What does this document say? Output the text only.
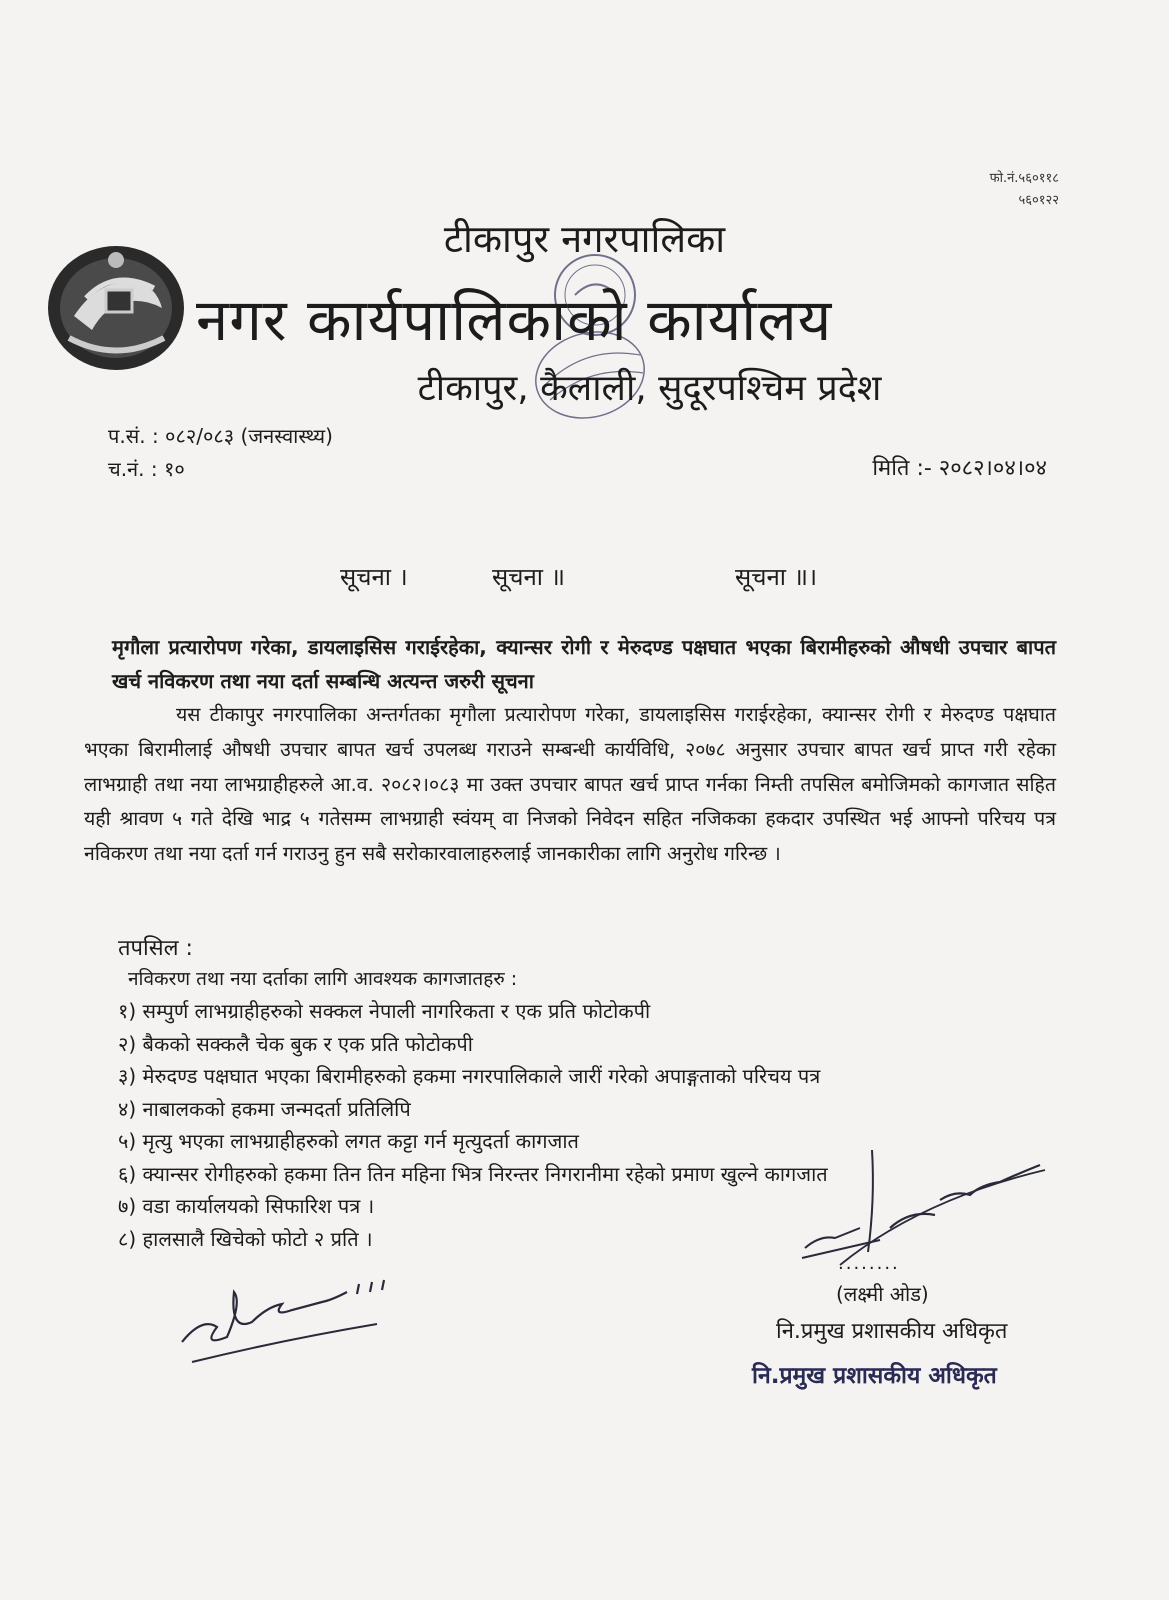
फो.नं.५६०११८
५६०१२२
टीकापुर नगरपालिका
नगर कार्यपालिकाको कार्यालय
टीकापुर, कैलाली, सुदूरपश्चिम प्रदेश
प.सं. : ०८२/०८३ (जनस्वास्थ्य)
च.नं. : १०	मिति :- २०८२।०४।०४
सूचना ।	सूचना ॥	सूचना ॥।
मृगौला प्रत्यारोपण गरेका, डायलाइसिस गराईरहेका, क्यान्सर रोगी र मेरुदण्ड पक्षघात भएका बिरामीहरुको औषधी उपचार बापत खर्च नविकरण तथा नया दर्ता सम्बन्धि अत्यन्त जरुरी सूचना
यस टीकापुर नगरपालिका अन्तर्गतका मृगौला प्रत्यारोपण गरेका, डायलाइसिस गराईरहेका, क्यान्सर रोगी र मेरुदण्ड पक्षघात भएका बिरामीलाई औषधी उपचार बापत खर्च उपलब्ध गराउने सम्बन्धी कार्यविधि, २०७८ अनुसार उपचार बापत खर्च प्राप्त गरी रहेका लाभग्राही तथा नया लाभग्राहीहरुले आ.व. २०८२।०८३ मा उक्त उपचार बापत खर्च प्राप्त गर्नका निम्ती तपसिल बमोजिमको कागजात सहित यही श्रावण ५ गते देखि भाद्र ५ गतेसम्म लाभग्राही स्वंयम् वा निजको निवेदन सहित नजिकका हकदार उपस्थित भई आफ्नो परिचय पत्र नविकरण तथा नया दर्ता गर्न गराउनु हुन सबै सरोकारवालाहरुलाई जानकारीका लागि अनुरोध गरिन्छ ।
तपसिल :
नविकरण तथा नया दर्ताका लागि आवश्यक कागजातहरु :
१) सम्पुर्ण लाभग्राहीहरुको सक्कल नेपाली नागरिकता र एक प्रति फोटोकपी
२) बैकको सक्कलै चेक बुक र एक प्रति फोटोकपी
३) मेरुदण्ड पक्षघात भएका बिरामीहरुको हकमा नगरपालिकाले जारीं गरेको अपाङ्गताको परिचय पत्र
४) नाबालकको हकमा जन्मदर्ता प्रतिलिपि
५) मृत्यु भएका लाभग्राहीहरुको लगत कट्टा गर्न मृत्युदर्ता कागजात
६) क्यान्सर रोगीहरुको हकमा तिन तिन महिना भित्र निरन्तर निगरानीमा रहेको प्रमाण खुल्ने कागजात
७) वडा कार्यालयको सिफारिश पत्र ।
८) हालसालै खिचेको फोटो २ प्रति ।
........
(लक्ष्मी ओड)
नि.प्रमुख प्रशासकीय अधिकृत
नि.प्रमुख प्रशासकीय अधिकृत
